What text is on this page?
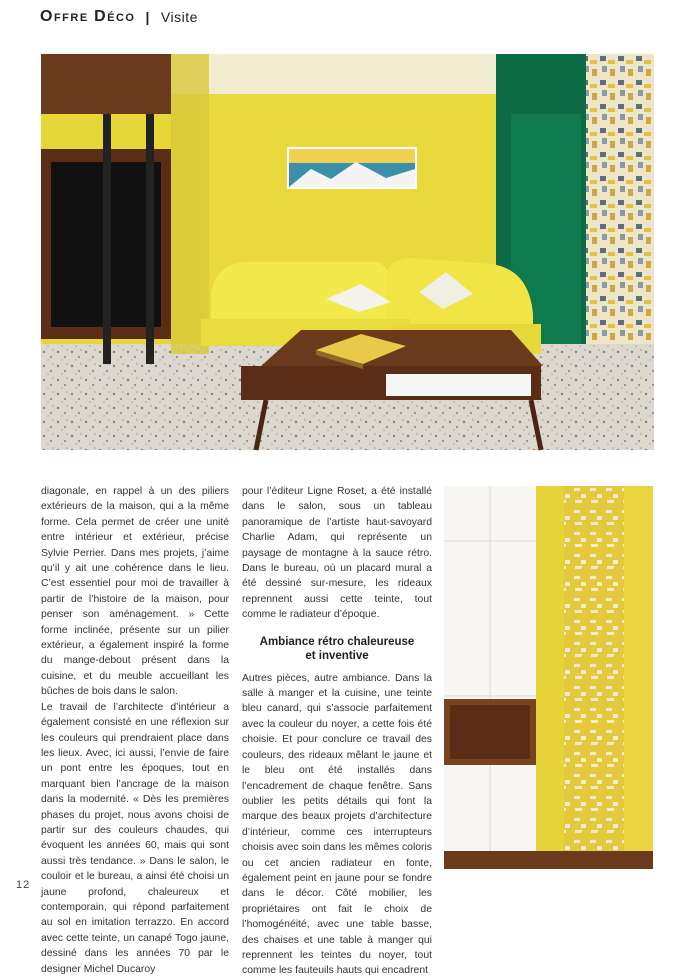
OFFRE DÉCO | Visite

diagonale, en rappel à un des piliers extérieurs de la maison, qui a la même forme. Cela permet de créer une unité entre intérieur et extérieur, précise Sylvie Perrier. Dans mes projets, j’aime qu’il y ait une cohérence dans le lieu. C’est essentiel pour moi de travailler à partir de l’histoire de la maison, pour penser son aménagement. » Cette forme inclinée, présente sur un pilier extérieur, a également inspiré la forme du mange-debout présent dans la cuisine, et du meuble accueillant les bûches de bois dans le salon.

Le travail de l’architecte d’intérieur a également consisté en une réflexion sur les couleurs qui prendraient place dans les lieux. Avec, ici aussi, l’envie de faire un pont entre les époques, tout en marquant bien l’ancrage de la maison dans la modernité. « Dès les premières phases du projet, nous avons choisi de partir sur des couleurs chaudes, qui évoquent les années 60, mais qui sont aussi très tendance. » Dans le salon, le couloir et le bureau, a ainsi été choisi un jaune profond, chaleureux et contemporain, qui répond parfaitement au sol en imitation terrazzo. En accord avec cette teinte, un canapé Togo jaune, dessiné dans les années 70 par le designer Michel Ducaroy

pour l’éditeur Ligne Roset, a été installé dans le salon, sous un tableau panoramique de l’artiste haut-savoyard Charlie Adam, qui représente un paysage de montagne à la sauce rétro. Dans le bureau, où un placard mural a été dessiné sur-mesure, les rideaux reprennent aussi cette teinte, tout comme le radiateur d’époque.

Ambiance rétro chaleureuse
et inventive

Autres pièces, autre ambiance. Dans la salle à manger et la cuisine, une teinte bleu canard, qui s’associe parfaitement avec la couleur du noyer, a cette fois été choisie. Et pour conclure ce travail des couleurs, des rideaux mêlant le jaune et le bleu ont été installés dans l’encadrement de chaque fenêtre. Sans oublier les petits détails qui font la marque des beaux projets d’architecture d’intérieur, comme ces interrupteurs choisis avec soin dans les mêmes coloris ou cet ancien radiateur en fonte, également peint en jaune pour se fondre dans le décor. Côté mobilier, les propriétaires ont fait le choix de l’homogénéité, avec une table basse, des chaises et une table à manger qui reprennent les teintes du noyer, tout comme les fauteuils hauts qui encadrent

12
